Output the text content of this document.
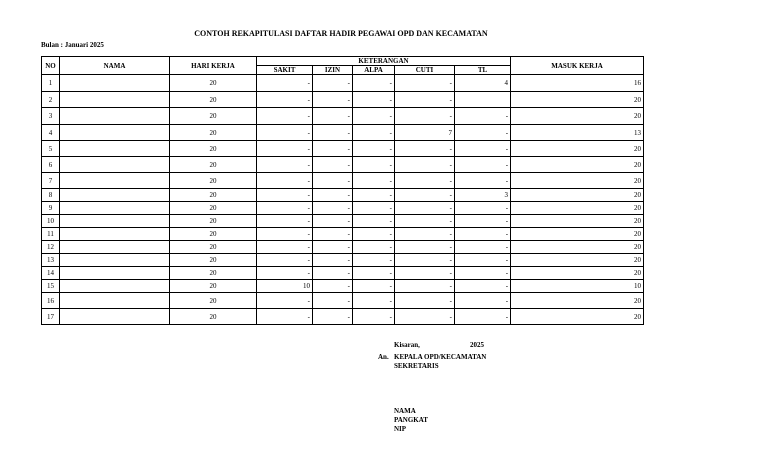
CONTOH REKAPITULASI DAFTAR HADIR PEGAWAI OPD DAN KECAMATAN
Bulan : Januari 2025
NO	NAMA	HARI KERJA	KETERANGAN					MASUK KERJA
			SAKIT	IZIN	ALPA	CUTI	TL	
1		20	-	-	-	-	4	16
2		20	-	-	-	-		20
3		20	-	-	-	-	-	20
4		20	-	-	-	7	-	13
5		20	-	-	-	-	-	20
6		20	-	-	-	-	-	20
7		20	-	-	-	-	-	20
8		20	-	-	-	-	3	20
9		20	-	-	-	-	-	20
10		20	-	-	-	-	-	20
11		20	-	-	-	-	-	20
12		20	-	-	-	-	-	20
13		20	-	-	-	-	-	20
14		20	-	-	-	-	-	20
15		20	10	-	-	-	-	10
16		20	-	-	-	-	-	20
17		20	-	-	-	-	-	20
Kisaran,	2025
An. KEPALA OPD/KECAMATAN
SEKRETARIS
NAMA
PANGKAT
NIP
